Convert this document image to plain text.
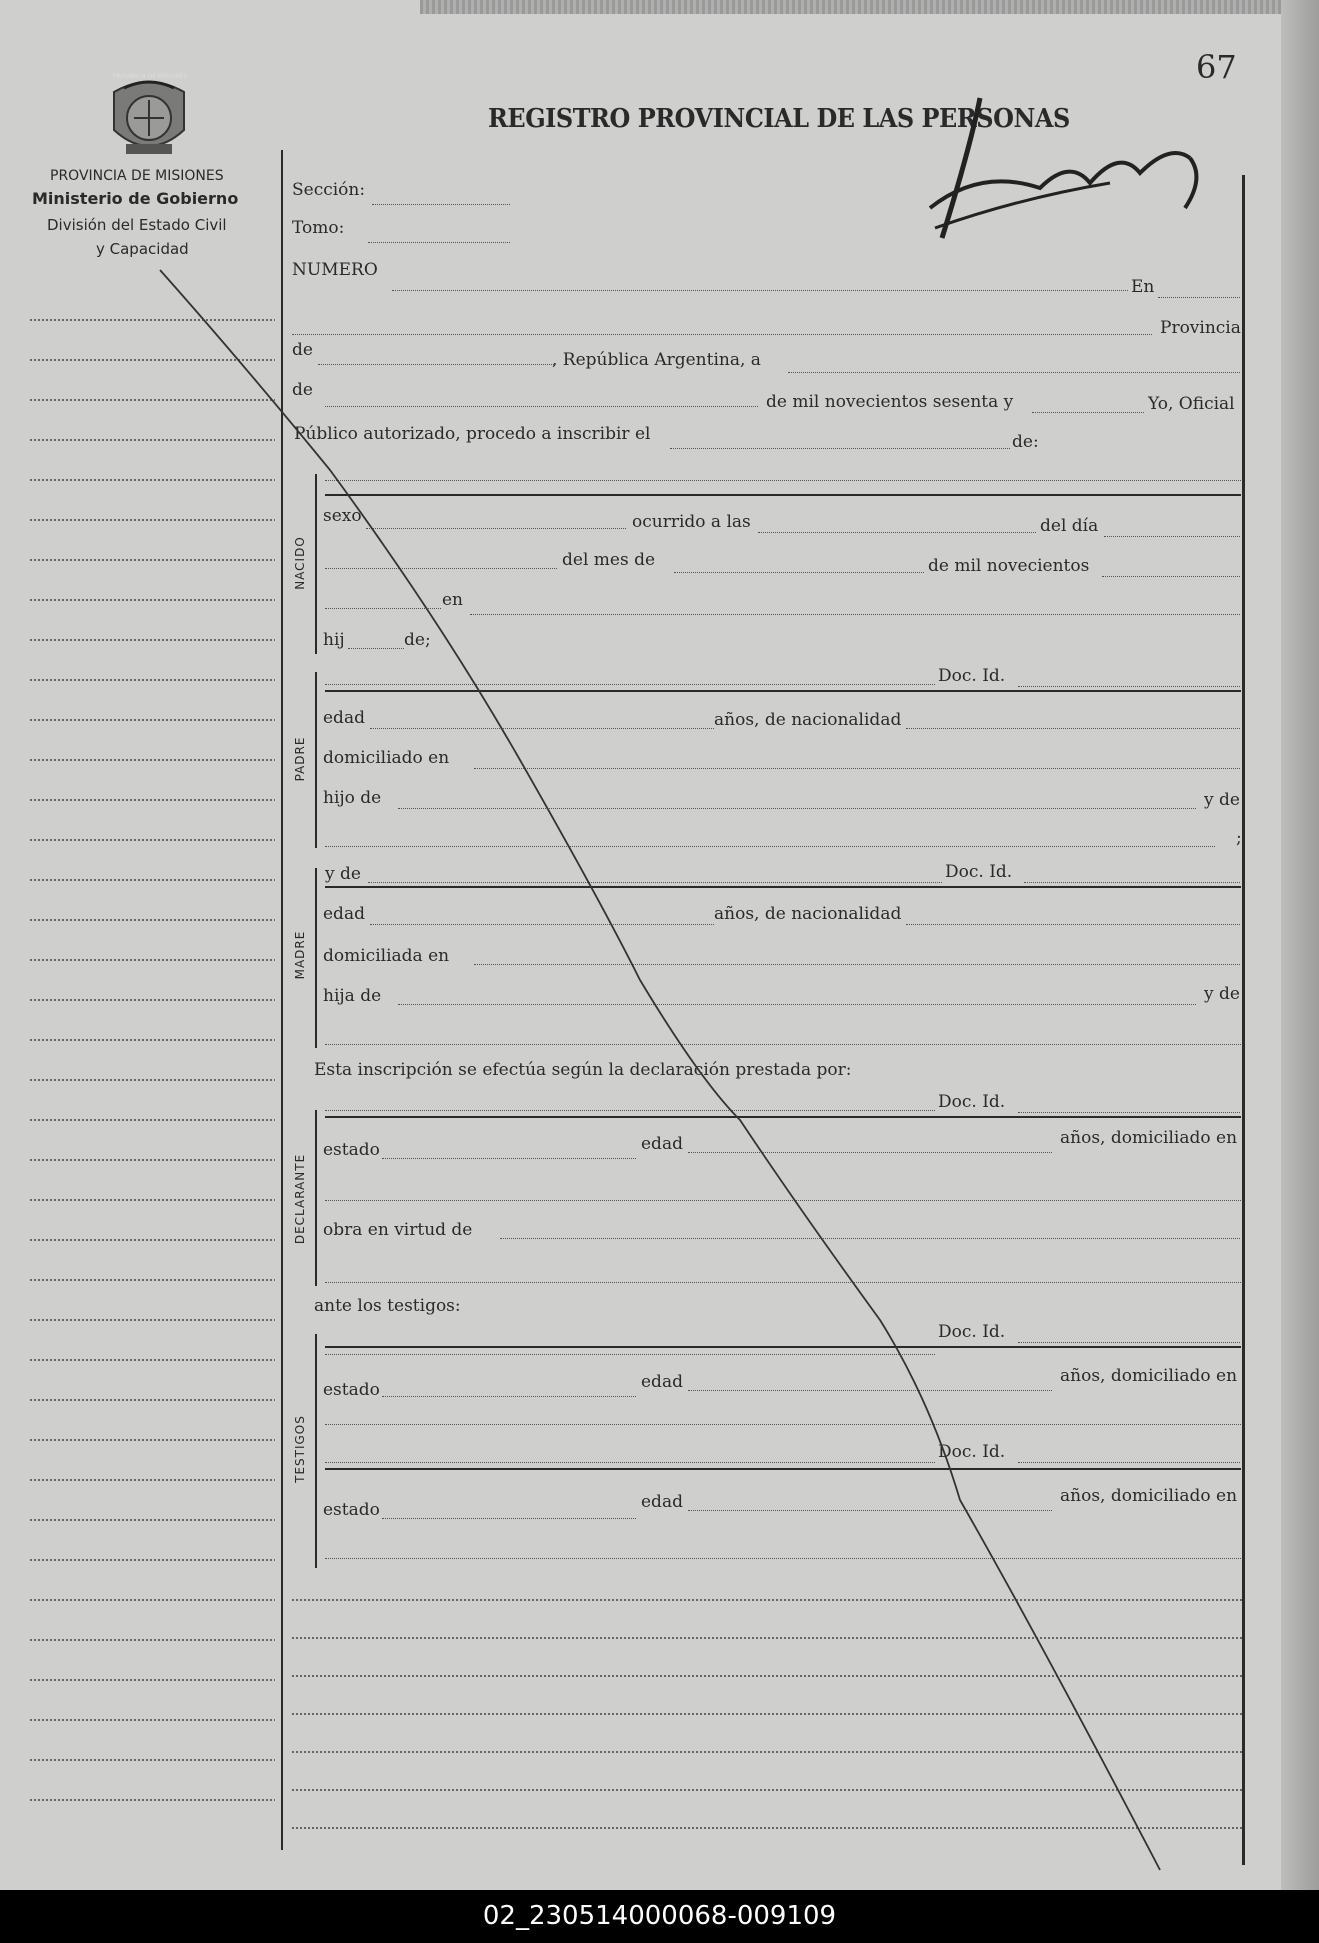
PROVINCIA DE MISIONES
PROVINCIA DE MISIONES
Ministerio de Gobierno
División del Estado Civil
y Capacidad
67
REGISTRO PROVINCIAL DE LAS PERSONAS
Sección:
Tomo:
NUMERO
En
Provincia
de	, República Argentina, a
de
de mil novecientos sesenta y	Yo, Oficial
Público autorizado, procedo a inscribir el	de:
NACIDO
sexo	ocurrido a las	del día
del mes de	de mil novecientos
en
hij	de;
PADRE
Doc. Id.
edad	años, de nacionalidad
domiciliado en
hijo de	y de
;
MADRE
y de	Doc. Id.
edad	años, de nacionalidad
domiciliada en
hija de	y de
Esta inscripción se efectúa según la declaración prestada por:
Doc. Id.
DECLARANTE
estado	edad	años, domiciliado en
obra en virtud de
ante los testigos:
TESTIGOS
Doc. Id.
estado	edad	años, domiciliado en
Doc. Id.
estado	edad	años, domiciliado en
02_230514000068-009109
